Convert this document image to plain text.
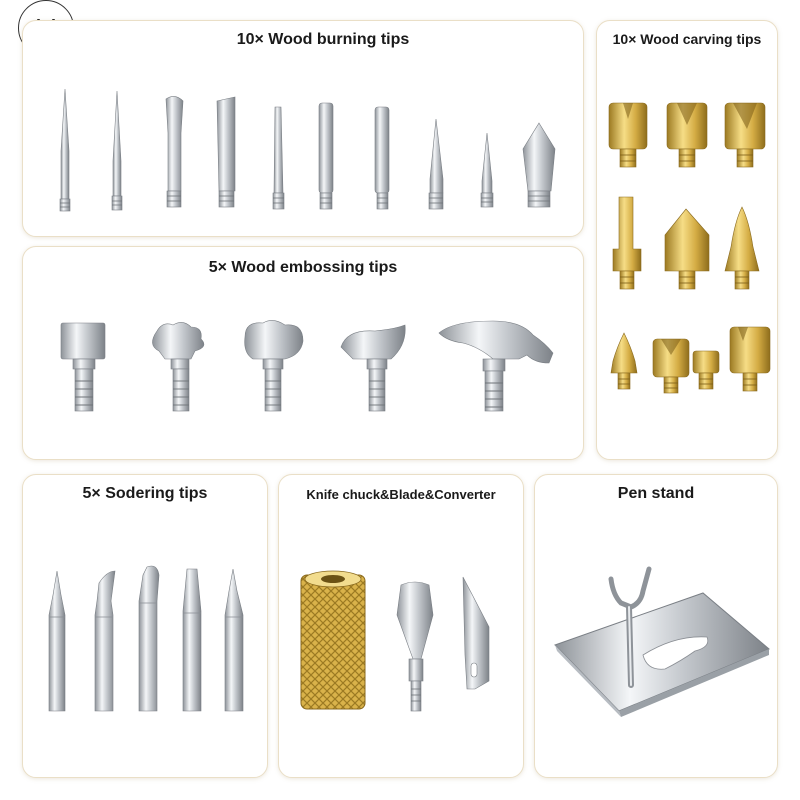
10× Wood burning tips	10× Wood carving tips
5× Wood embossing tips
5× Sodering tips	Knife chuck&Blade&Converter	Pen stand
